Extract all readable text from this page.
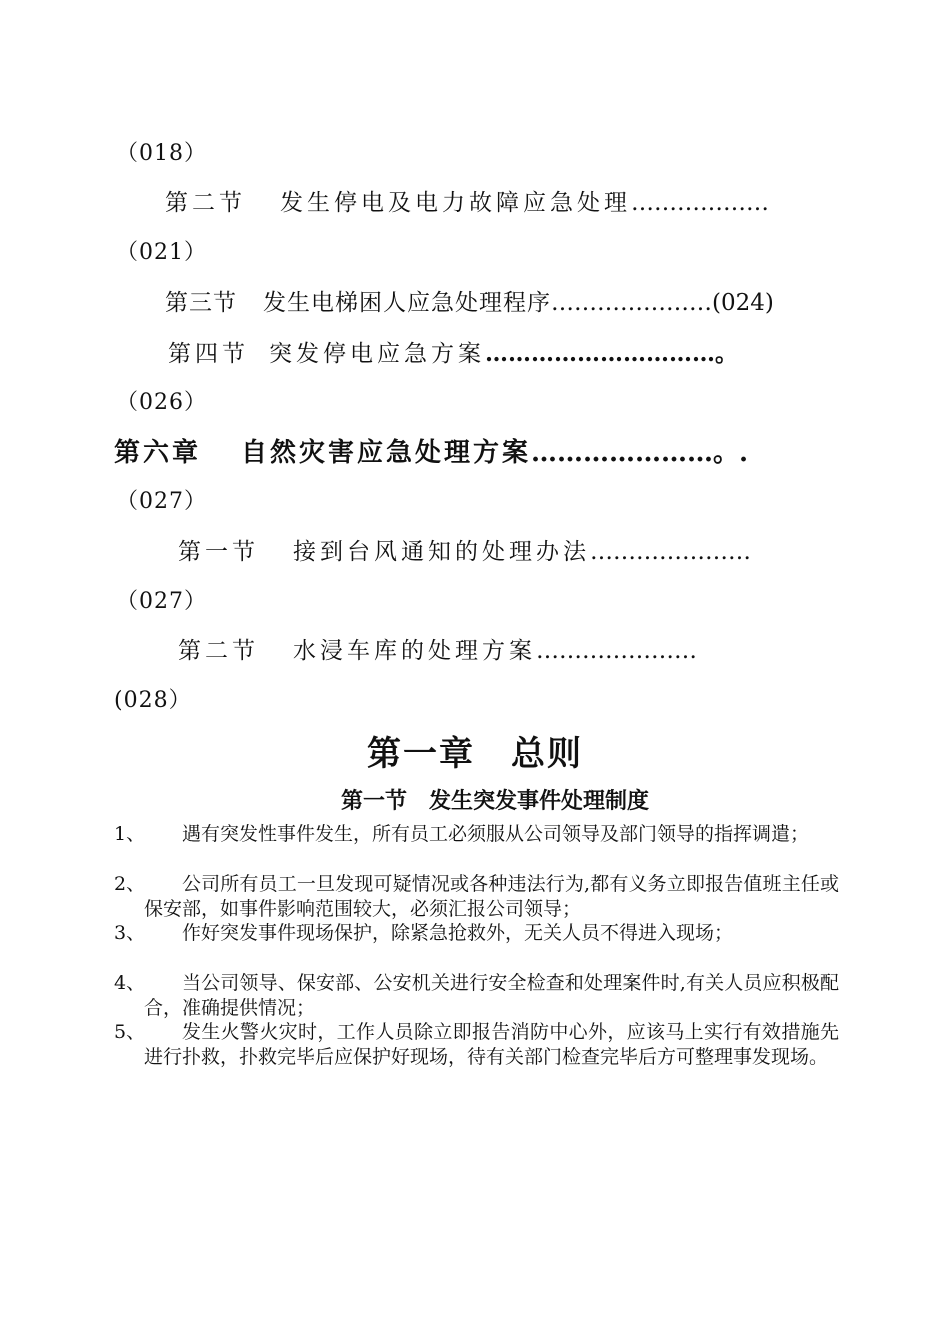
（018）
第二节 发生停电及电力故障应急处理………………
（021）
第三节 发生电梯困人应急处理程序…………………(024)
第四节 突发停电应急方案…………………………。
（026）
第六章 自然灾害应急处理方案…………………。.
（027）
第一节 接到台风通知的处理办法…………………
（027）
第二节 水浸车库的处理方案…………………
(028）
第一章　总则
第一节　发生突发事件处理制度
1、	遇有突发性事件发生，所有员工必须服从公司领导及部门领导的指挥调遣；
2、	公司所有员工一旦发现可疑情况或各种违法行为,都有义务立即报告值班主任或保安部，如事件影响范围较大，必须汇报公司领导；
3、	作好突发事件现场保护，除紧急抢救外，无关人员不得进入现场；
4、	当公司领导、保安部、公安机关进行安全检查和处理案件时,有关人员应积极配合，准确提供情况；
5、	发生火警火灾时，工作人员除立即报告消防中心外，应该马上实行有效措施先进行扑救，扑救完毕后应保护好现场，待有关部门检查完毕后方可整理事发现场。
